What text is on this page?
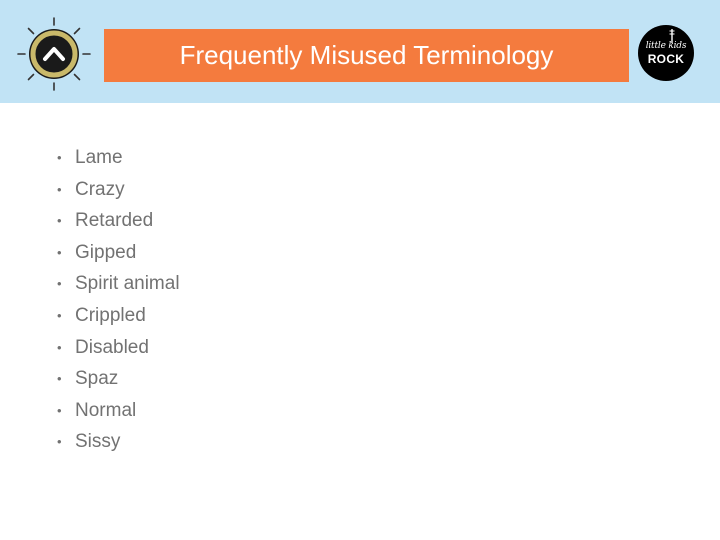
Frequently Misused Terminology	little kids
ROCK
• Lame
• Crazy
• Retarded
• Gipped
• Spirit animal
• Crippled
• Disabled
• Spaz
• Normal
• Sissy
